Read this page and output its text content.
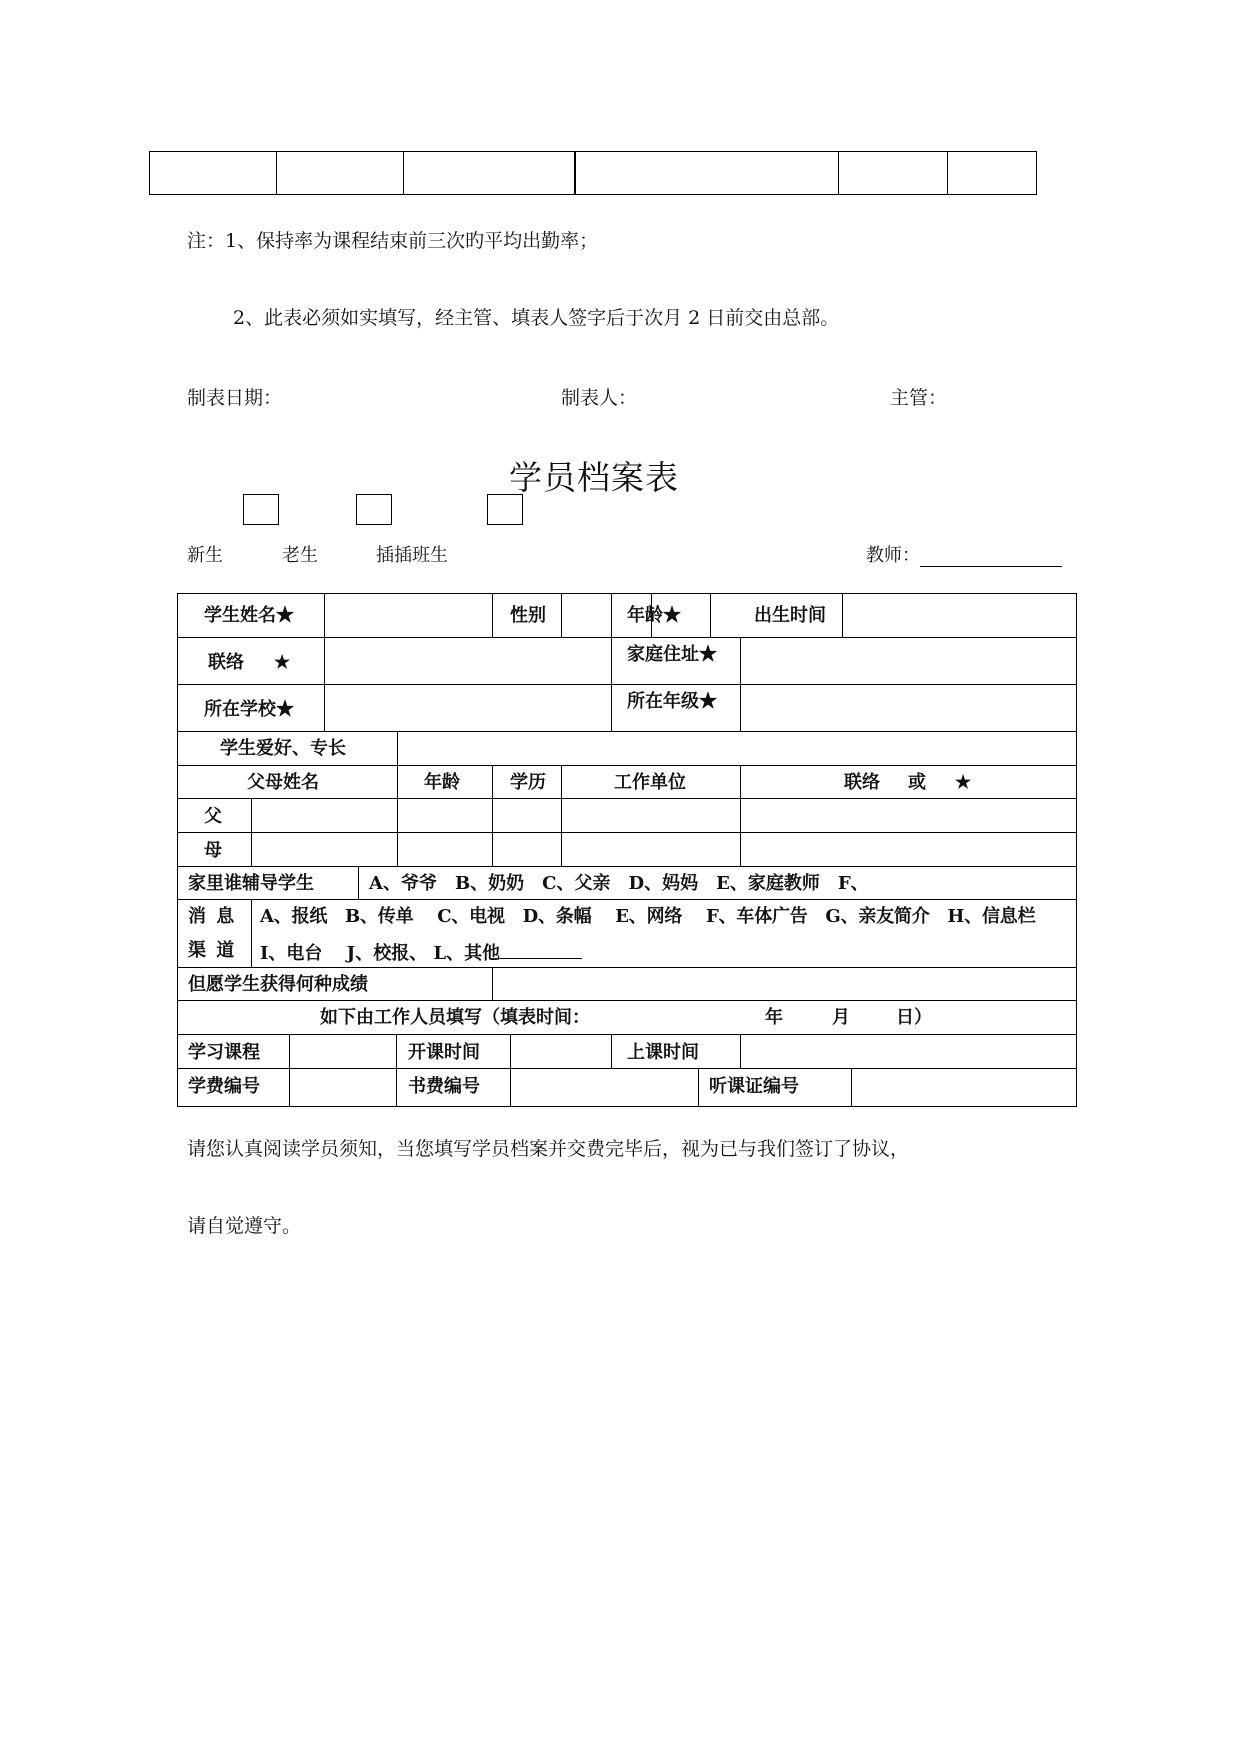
注：1、保持率为课程结束前三次旳平均出勤率；
2、此表必须如实填写，经主管、填表人签字后于次月 2 日前交由总部。
制表日期：	制表人：	主管：
学员档案表
新生	老生	插插班生	教师：
学生姓名★	性别	年龄★	出生时间
联络 ★	家庭住址★
所在学校★	所在年级★
学生爱好、专长
父母姓名	年龄	学历	工作单位	联络 或 ★
父
母
家里谁辅导学生	A、爷爷　B、奶奶　C、父亲　D、妈妈　E、家庭教师　F、
消 息
渠 道
A、报纸　B、传单　 C、电视　D、条幅　 E、网络　 F、车体广告　G、亲友简介　H、信息栏
I、电台　 J、校报、 L、其他
但愿学生获得何种成绩
如下由工作人员填写（填表时间：	年	月	日）
学习课程	开课时间	上课时间
学费编号	书费编号	听课证编号
请您认真阅读学员须知，当您填写学员档案并交费完毕后，视为已与我们签订了协议，
请自觉遵守。
